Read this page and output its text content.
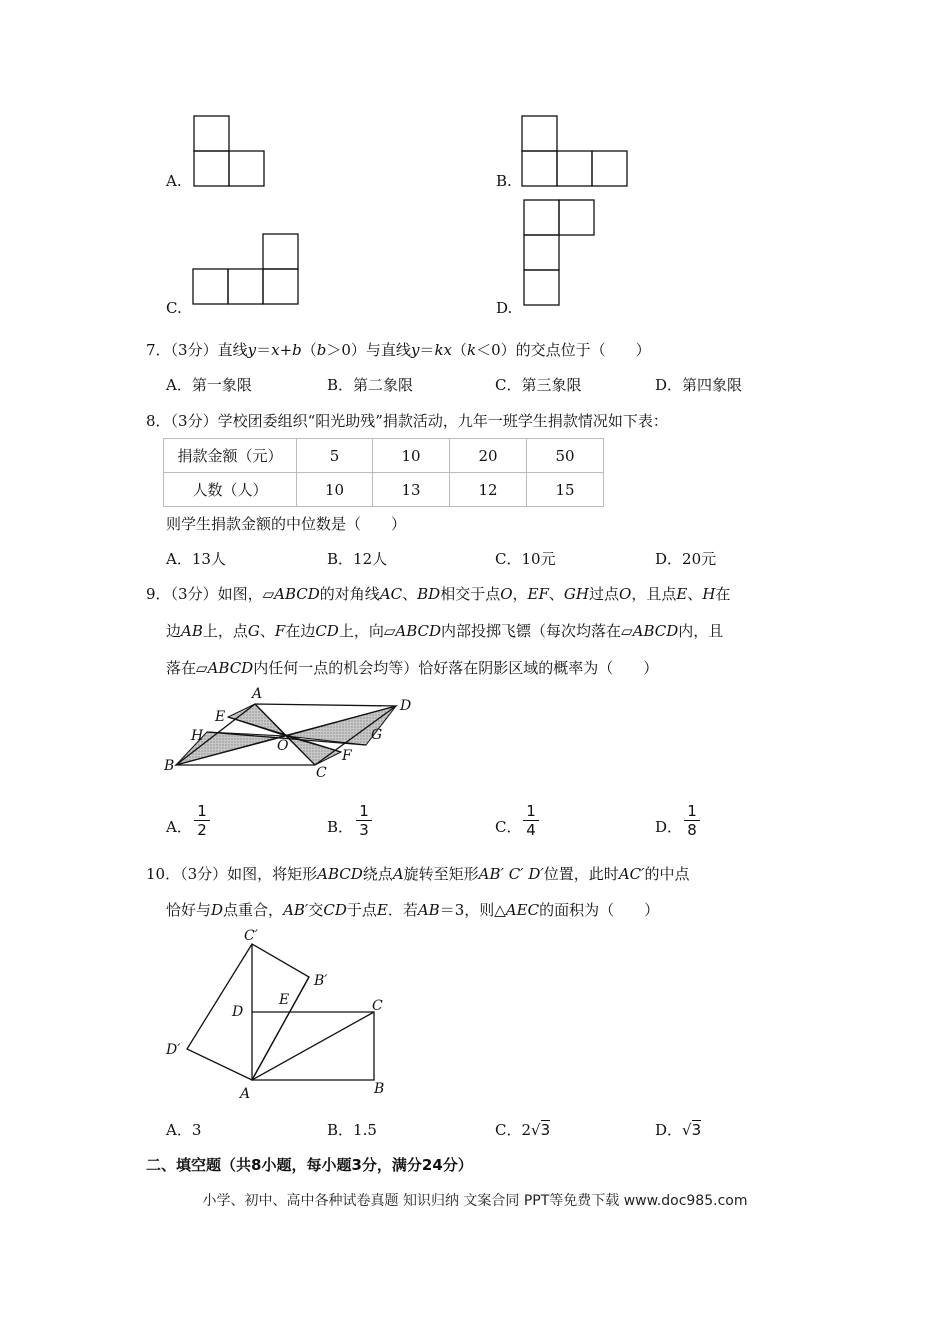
A.	B.
C.	D.
7．（3分）直线y＝x+b（b＞0）与直线y＝kx（k＜0）的交点位于（　　）
A．第一象限	B．第二象限	C．第三象限	D．第四象限
8．（3分）学校团委组织“阳光助残”捐款活动，九年一班学生捐款情况如下表：
捐款金额（元）	5	10	20	50
人数（人）	10	13	12	15
则学生捐款金额的中位数是（　　）
A．13人	B．12人	C．10元	D．20元
9．（3分）如图，▱ABCD的对角线AC、BD相交于点O，EF、GH过点O，且点E、H在
边AB上，点G、F在边CD上，向▱ABCD内部投掷飞镖（每次均落在▱ABCD内，且
落在▱ABCD内任何一点的机会均等）恰好落在阴影区域的概率为（　　）
A
D
E
H	G
O
F
B	C
A． $\frac{1}{2}$	B． $\frac{1}{3}$	C． $\frac{1}{4}$	D． $\frac{1}{8}$
10．（3分）如图，将矩形ABCD绕点A旋转至矩形AB′ C′ D′位置，此时AC′的中点
恰好与D点重合，AB′交CD于点E．若AB＝3，则△AEC的面积为（　　）
C′
B′
D
E	C
D′
A	B
A．3	B．1.5	C．2√3	D．√3
二、填空题（共8小题，每小题3分，满分24分）
小学、初中、高中各种试卷真题 知识归纳 文案合同 PPT等免费下载 www.doc985.com
